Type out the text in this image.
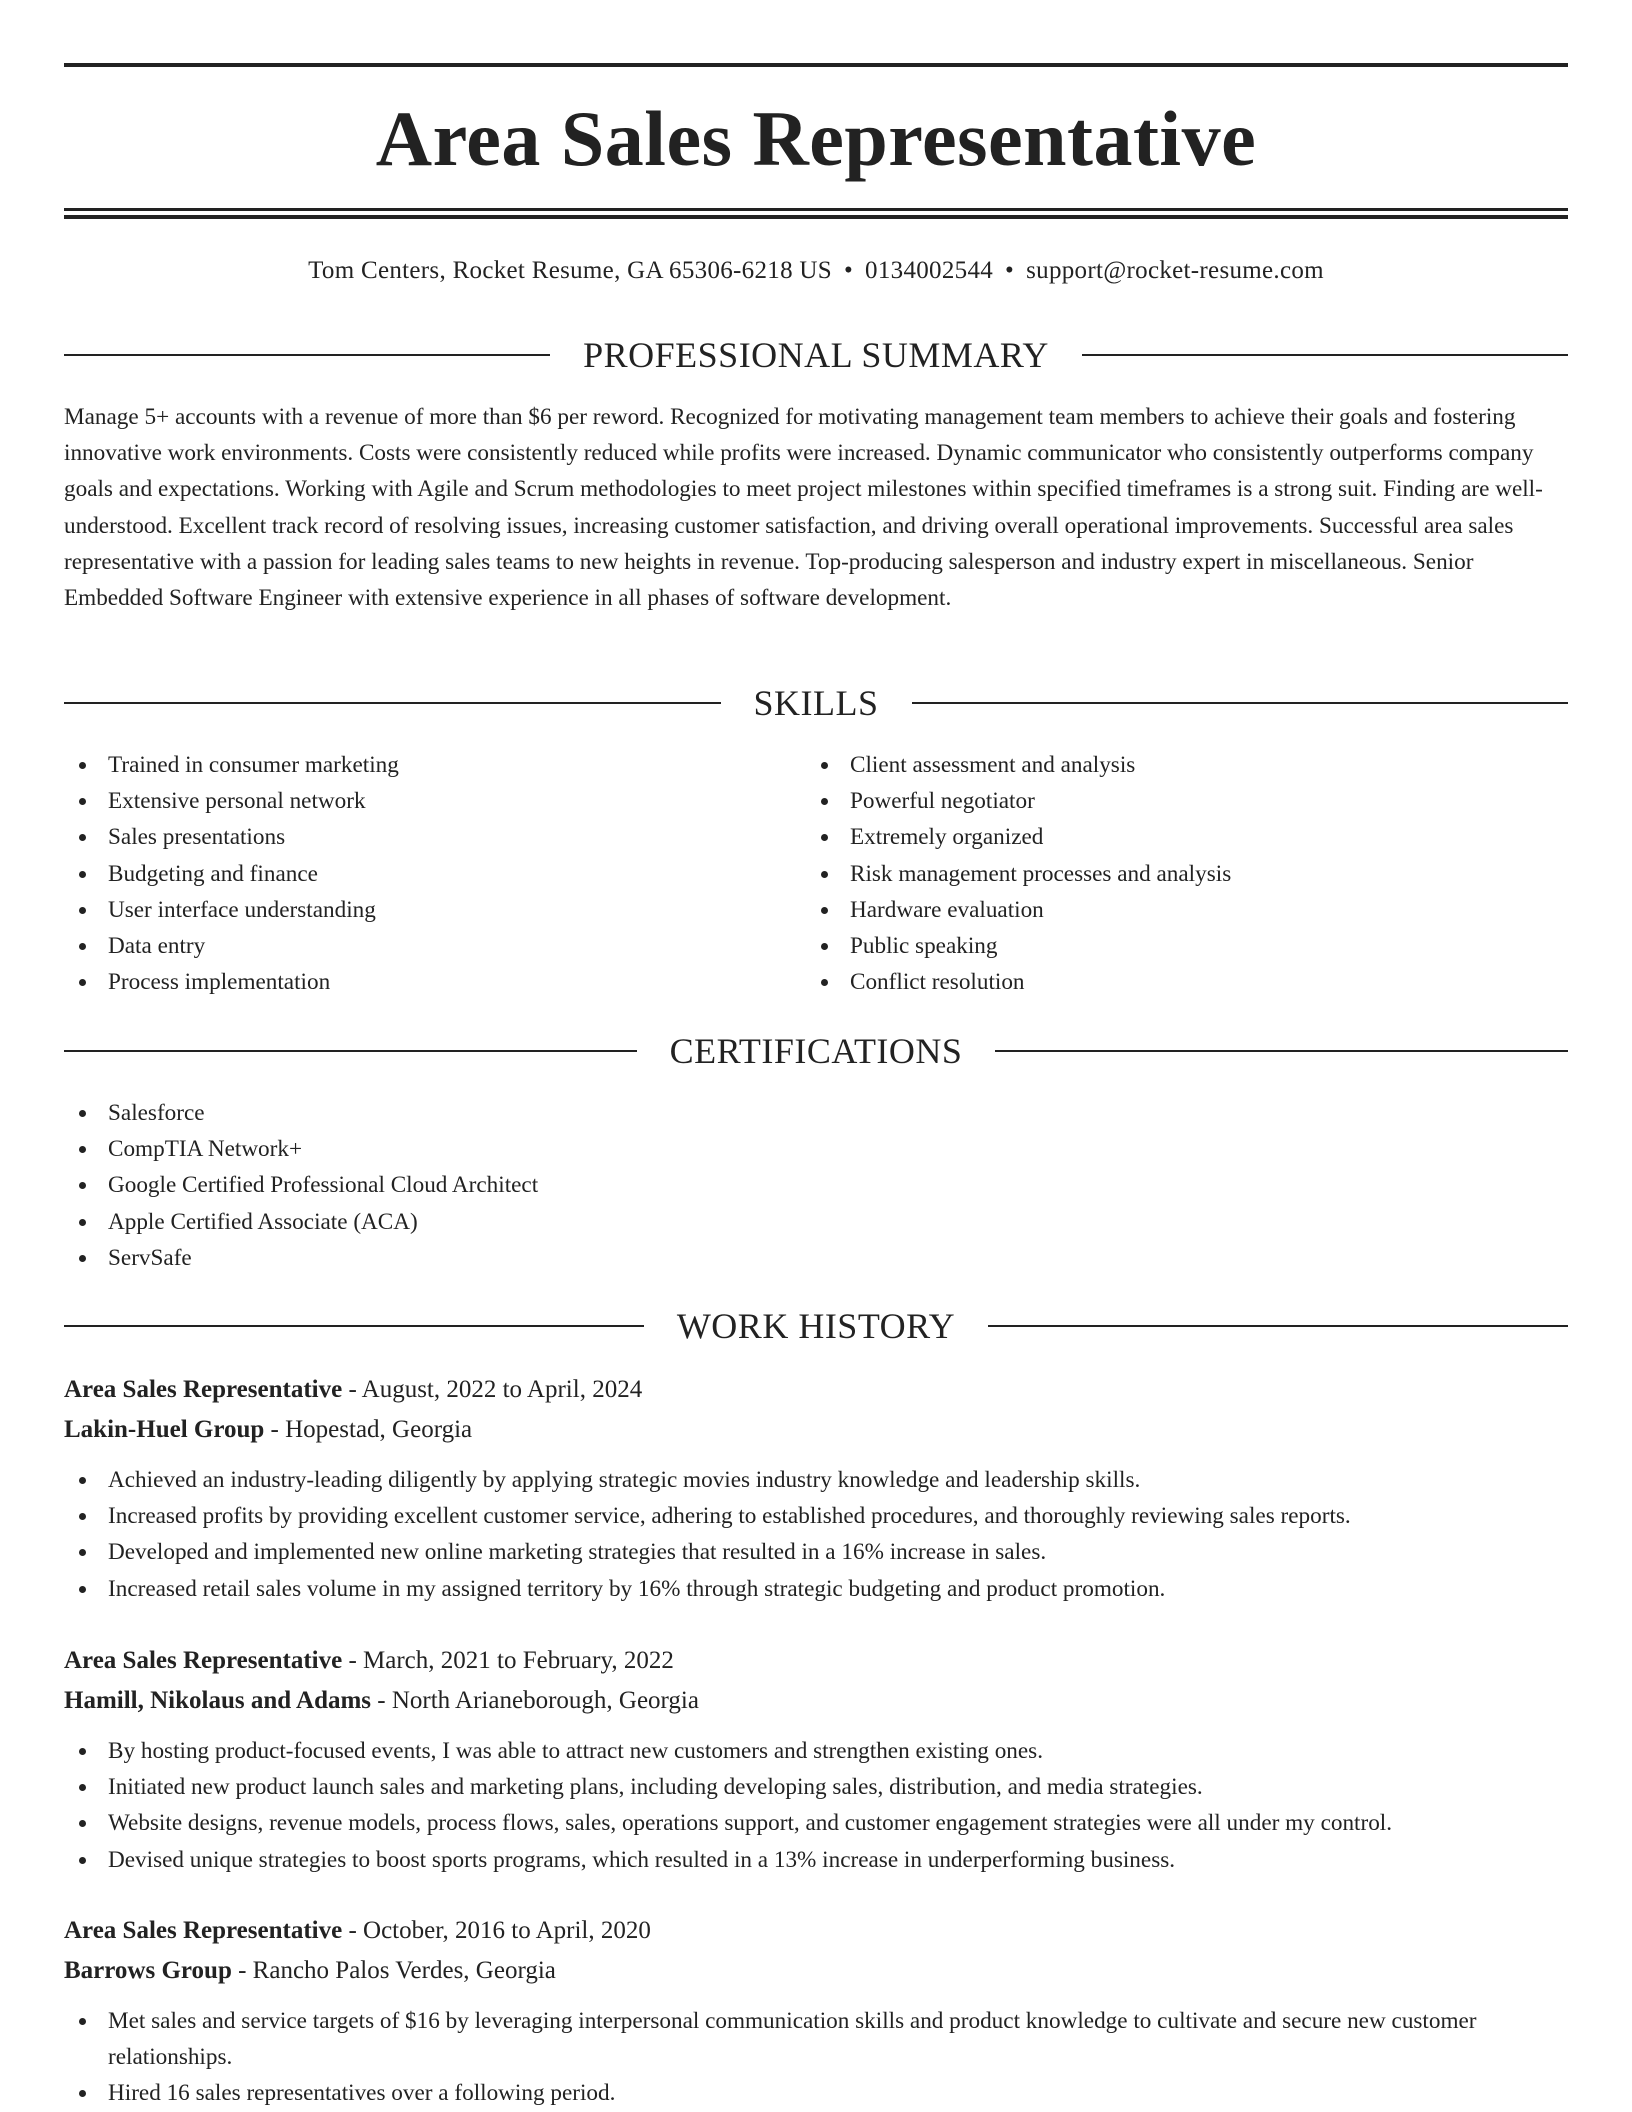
Area Sales Representative
Tom Centers, Rocket Resume, GA 65306-6218 US • 0134002544 • support@rocket-resume.com
PROFESSIONAL SUMMARY

Manage 5+ accounts with a revenue of more than $6 per reword. Recognized for motivating management team members to achieve their goals and fostering innovative work environments. Costs were consistently reduced while profits were increased. Dynamic communicator who consistently outperforms company goals and expectations. Working with Agile and Scrum methodologies to meet project milestones within specified timeframes is a strong suit. Finding are well-understood. Excellent track record of resolving issues, increasing customer satisfaction, and driving overall operational improvements. Successful area sales representative with a passion for leading sales teams to new heights in revenue. Top-producing salesperson and industry expert in miscellaneous. Senior Embedded Software Engineer with extensive experience in all phases of software development.

SKILLS
Trained in consumer marketing
Extensive personal network
Sales presentations
Budgeting and finance
User interface understanding
Data entry
Process implementation
Client assessment and analysis
Powerful negotiator
Extremely organized
Risk management processes and analysis
Hardware evaluation
Public speaking
Conflict resolution
CERTIFICATIONS
Salesforce
CompTIA Network+
Google Certified Professional Cloud Architect
Apple Certified Associate (ACA)
ServSafe
WORK HISTORY
Area Sales Representative - August, 2022 to April, 2024
Lakin-Huel Group - Hopestad, Georgia
Achieved an industry-leading diligently by applying strategic movies industry knowledge and leadership skills.
Increased profits by providing excellent customer service, adhering to established procedures, and thoroughly reviewing sales reports.
Developed and implemented new online marketing strategies that resulted in a 16% increase in sales.
Increased retail sales volume in my assigned territory by 16% through strategic budgeting and product promotion.
Area Sales Representative - March, 2021 to February, 2022
Hamill, Nikolaus and Adams - North Arianeborough, Georgia
By hosting product-focused events, I was able to attract new customers and strengthen existing ones.
Initiated new product launch sales and marketing plans, including developing sales, distribution, and media strategies.
Website designs, revenue models, process flows, sales, operations support, and customer engagement strategies were all under my control.
Devised unique strategies to boost sports programs, which resulted in a 13% increase in underperforming business.
Area Sales Representative - October, 2016 to April, 2020
Barrows Group - Rancho Palos Verdes, Georgia
Met sales and service targets of $16 by leveraging interpersonal communication skills and product knowledge to cultivate and secure new customer relationships.
Hired 16 sales representatives over a following period.
